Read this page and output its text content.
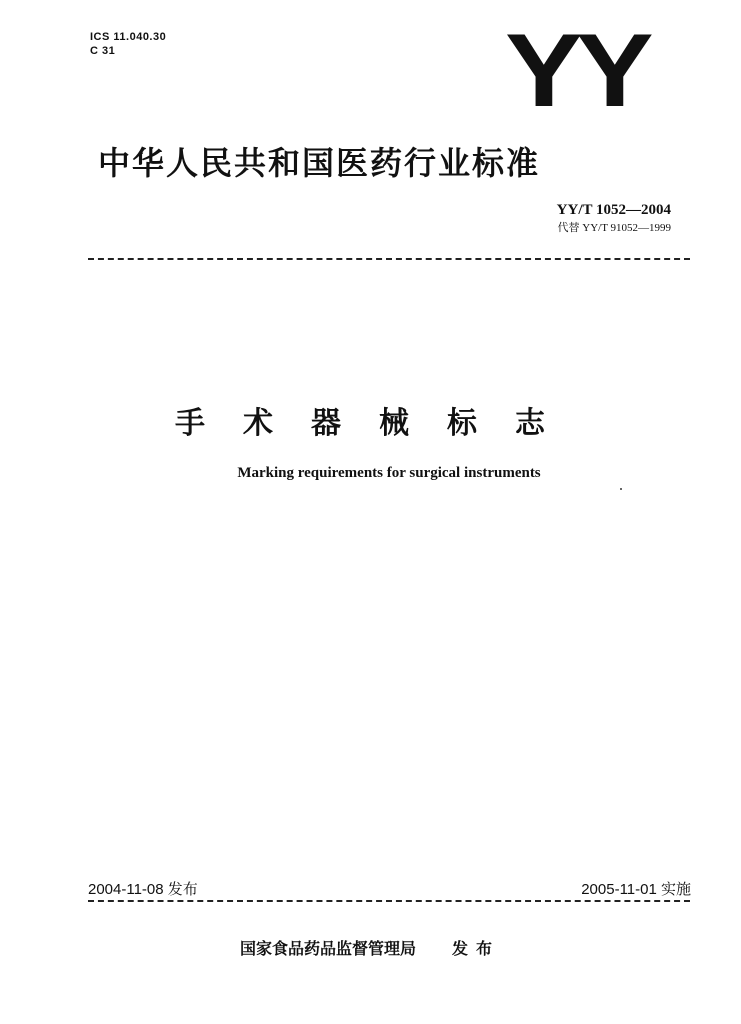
ICS 11.040.30
C 31	YY
中华人民共和国医药行业标准
YY/T 1052—2004
代替 YY/T 91052—1999
手术器械标志
Marking requirements for surgical instruments
2004-11-08 发布	2005-11-01 实施
国家食品药品监督管理局 发布
